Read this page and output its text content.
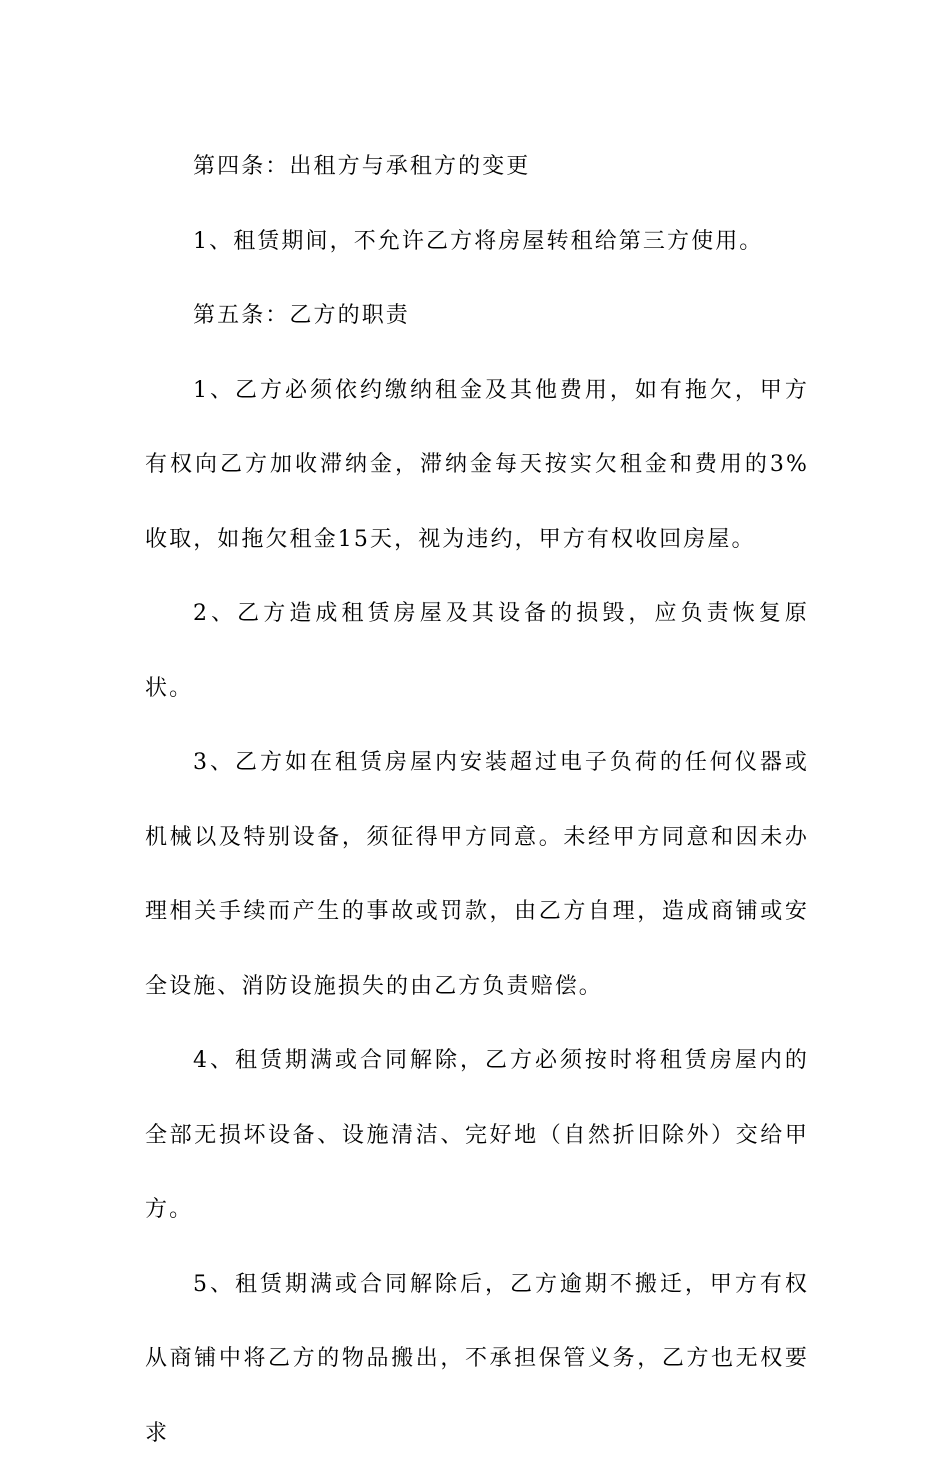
第四条：出租方与承租方的变更

1、租赁期间，不允许乙方将房屋转租给第三方使用。

第五条：乙方的职责

1、乙方必须依约缴纳租金及其他费用，如有拖欠，甲方有权向乙方加收滞纳金，滞纳金每天按实欠租金和费用的3%收取，如拖欠租金15天，视为违约，甲方有权收回房屋。

2、乙方造成租赁房屋及其设备的损毁，应负责恢复原状。

3、乙方如在租赁房屋内安装超过电子负荷的任何仪器或机械以及特别设备，须征得甲方同意。未经甲方同意和因未办理相关手续而产生的事故或罚款，由乙方自理，造成商铺或安全设施、消防设施损失的由乙方负责赔偿。

4、租赁期满或合同解除，乙方必须按时将租赁房屋内的全部无损坏设备、设施清洁、完好地（自然折旧除外）交给甲方。

5、租赁期满或合同解除后，乙方逾期不搬迁，甲方有权从商铺中将乙方的物品搬出，不承担保管义务，乙方也无权要求
